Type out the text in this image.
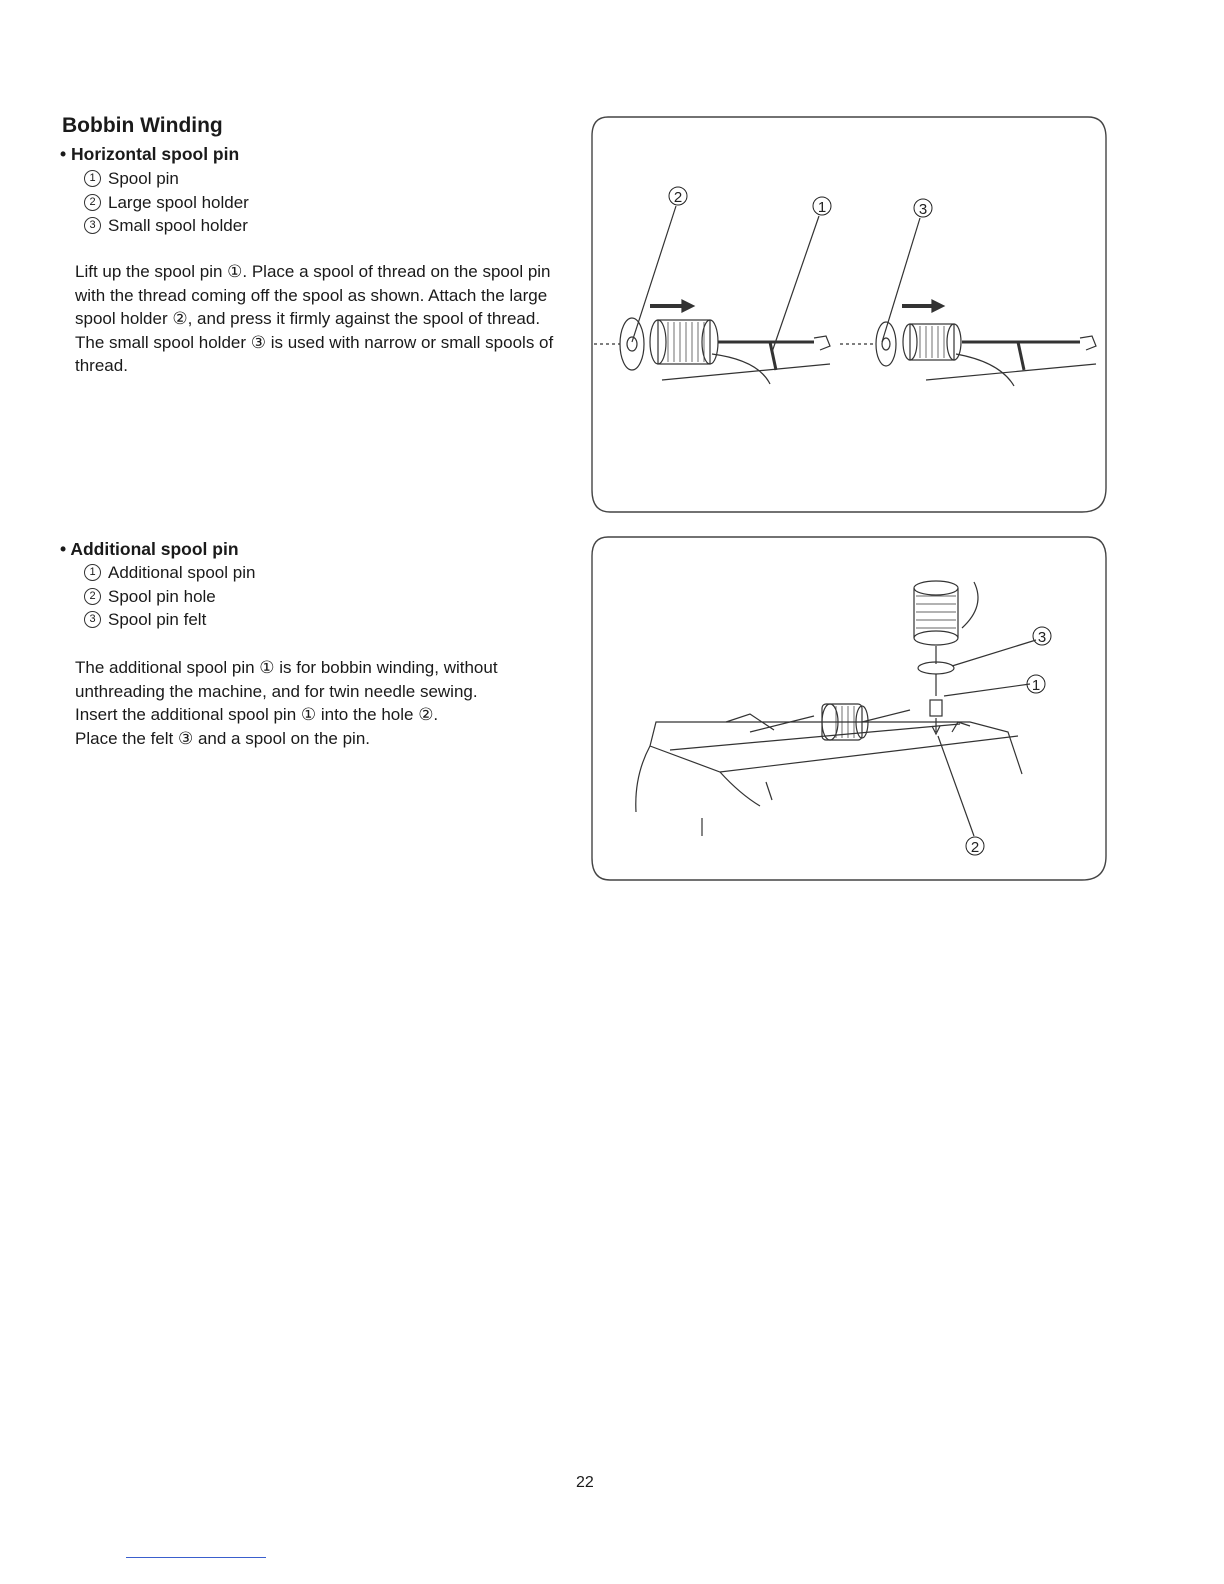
Bobbin Winding
• Horizontal spool pin
1 Spool pin
2 Large spool holder
3 Small spool holder

Lift up the spool pin ①. Place a spool of thread on the spool pin with the thread coming off the spool as shown. Attach the large spool holder ②, and press it firmly against the spool of thread.

The small spool holder ③ is used with narrow or small spools of thread.

2
1	3
• Additional spool pin
1 Additional spool pin
2 Spool pin hole
3 Spool pin felt

The additional spool pin ① is for bobbin winding, without unthreading the machine, and for twin needle sewing.

Insert the additional spool pin ① into the hole ②.

Place the felt ③ and a spool on the pin.

3
1
2
22
